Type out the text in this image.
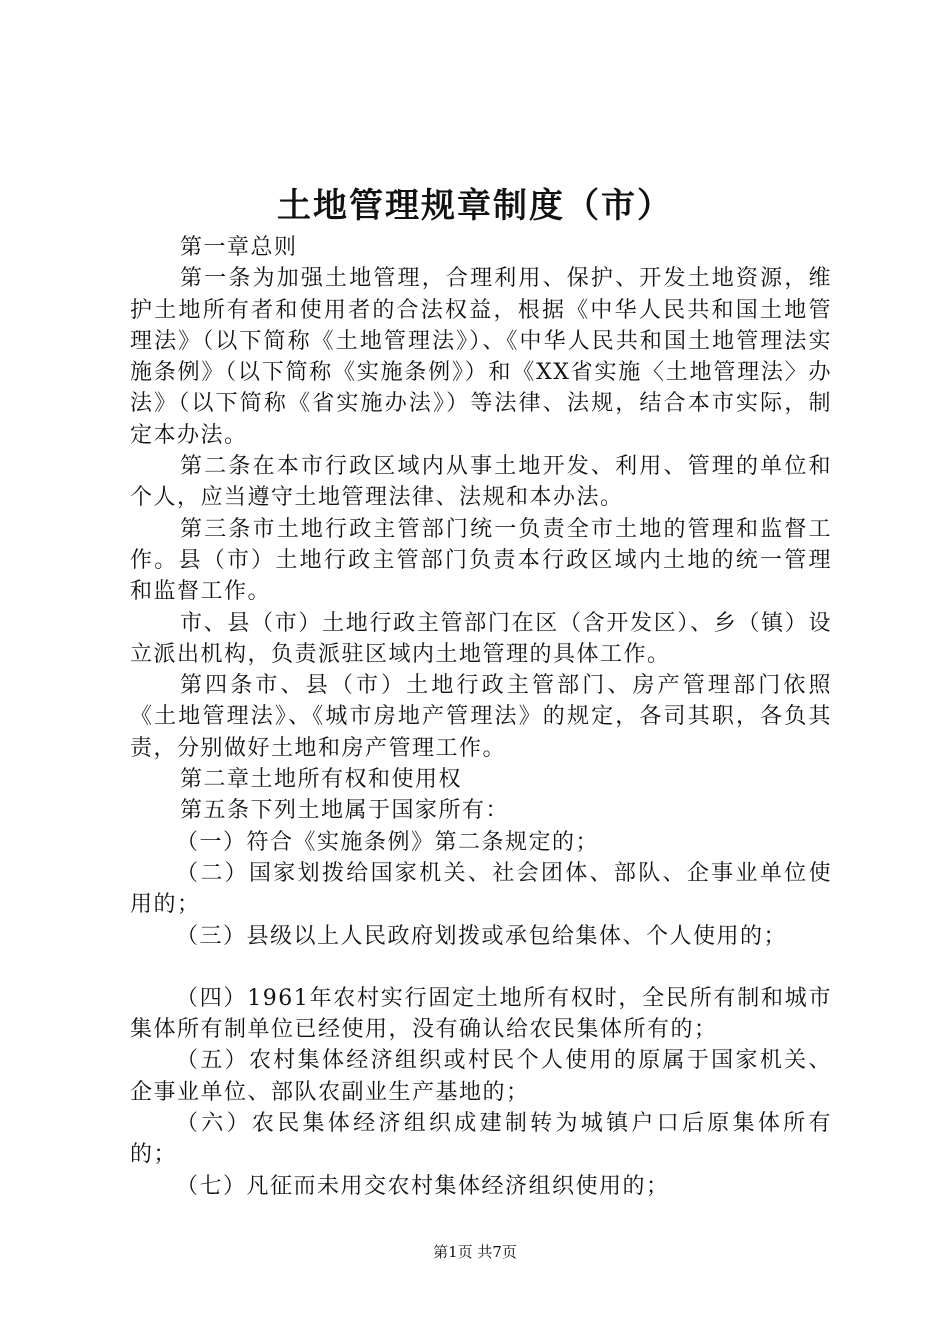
土地管理规章制度（市）

第一章总则

第一条为加强土地管理，合理利用、保护、开发土地资源，维护土地所有者和使用者的合法权益，根据《中华人民共和国土地管理法》（以下简称《土地管理法》）、《中华人民共和国土地管理法实施条例》（以下简称《实施条例》）和《XX省实施〈土地管理法〉办法》（以下简称《省实施办法》）等法律、法规，结合本市实际，制定本办法。

第二条在本市行政区域内从事土地开发、利用、管理的单位和个人，应当遵守土地管理法律、法规和本办法。

第三条市土地行政主管部门统一负责全市土地的管理和监督工作。县（市）土地行政主管部门负责本行政区域内土地的统一管理和监督工作。

市、县（市）土地行政主管部门在区（含开发区）、乡（镇）设立派出机构，负责派驻区域内土地管理的具体工作。

第四条市、县（市）土地行政主管部门、房产管理部门依照《土地管理法》、《城市房地产管理法》的规定，各司其职，各负其责，分别做好土地和房产管理工作。

第二章土地所有权和使用权

第五条下列土地属于国家所有：

（一）符合《实施条例》第二条规定的；

（二）国家划拨给国家机关、社会团体、部队、企事业单位使用的；

（三）县级以上人民政府划拨或承包给集体、个人使用的；

（四）1961年农村实行固定土地所有权时，全民所有制和城市集体所有制单位已经使用，没有确认给农民集体所有的；

（五）农村集体经济组织或村民个人使用的原属于国家机关、企事业单位、部队农副业生产基地的；

（六）农民集体经济组织成建制转为城镇户口后原集体所有的；

（七）凡征而未用交农村集体经济组织使用的；

第1页 共7页
